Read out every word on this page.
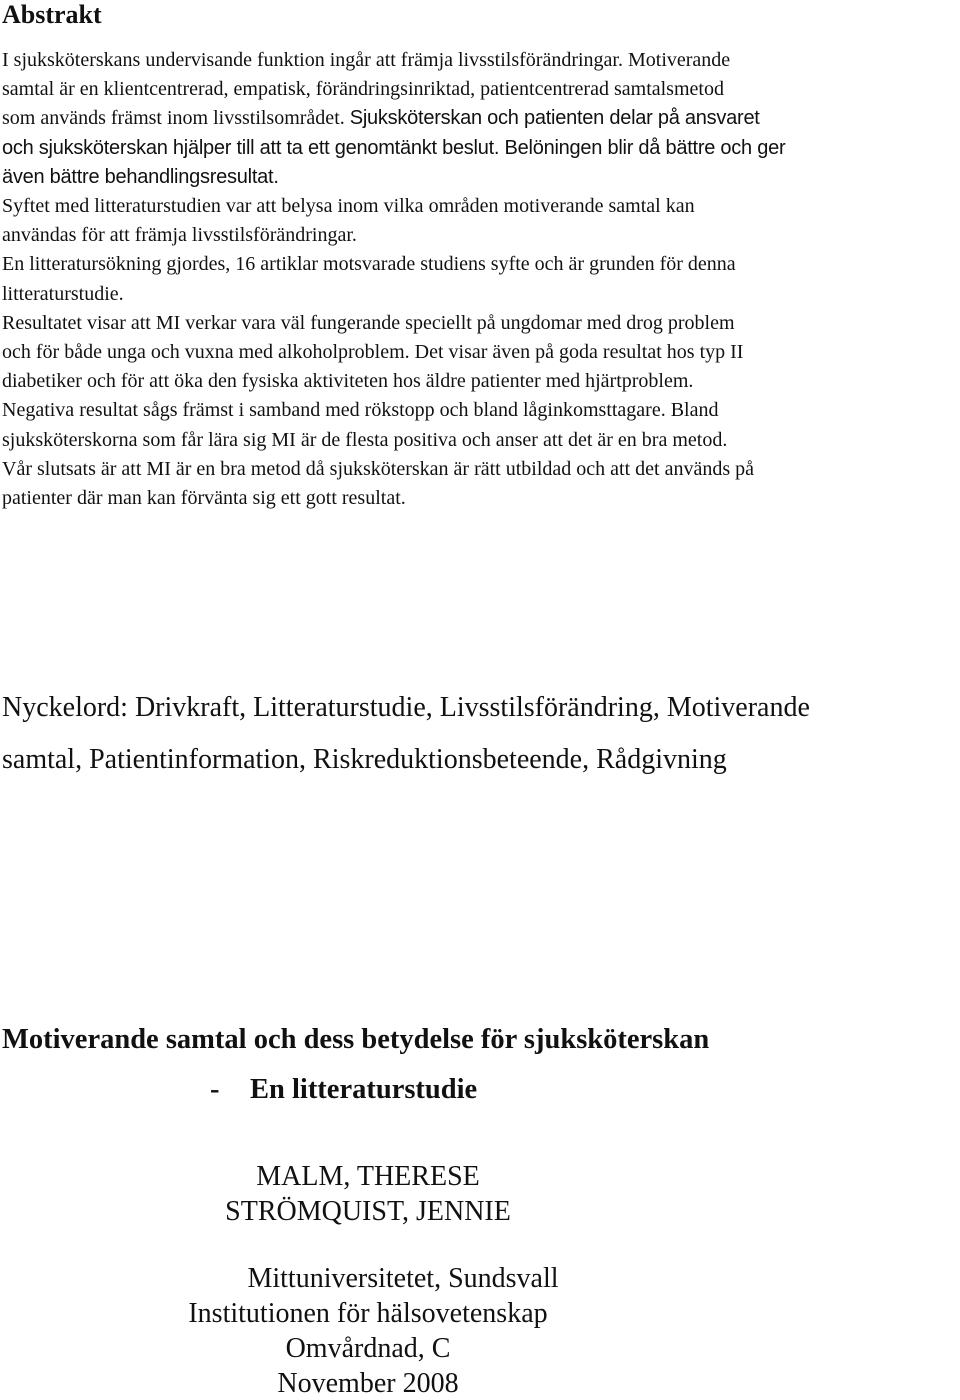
Abstrakt
I sjuksköterskans undervisande funktion ingår att främja livsstilsförändringar. Motiverande
samtal är en klientcentrerad, empatisk, förändringsinriktad, patientcentrerad samtalsmetod
som används främst inom livsstilsområdet. Sjuksköterskan och patienten delar på ansvaret
och sjuksköterskan hjälper till att ta ett genomtänkt beslut. Belöningen blir då bättre och ger
även bättre behandlingsresultat.
Syftet med litteraturstudien var att belysa inom vilka områden motiverande samtal kan
användas för att främja livsstilsförändringar.
En litteratursökning gjordes, 16 artiklar motsvarade studiens syfte och är grunden för denna
litteraturstudie.
Resultatet visar att MI verkar vara väl fungerande speciellt på ungdomar med drog problem
och för både unga och vuxna med alkoholproblem. Det visar även på goda resultat hos typ II
diabetiker och för att öka den fysiska aktiviteten hos äldre patienter med hjärtproblem.
Negativa resultat sågs främst i samband med rökstopp och bland låginkomsttagare. Bland
sjuksköterskorna som får lära sig MI är de flesta positiva och anser att det är en bra metod.
Vår slutsats är att MI är en bra metod då sjuksköterskan är rätt utbildad och att det används på
patienter där man kan förvänta sig ett gott resultat.
Nyckelord: Drivkraft, Litteraturstudie, Livsstilsförändring, Motiverande
samtal, Patientinformation, Riskreduktionsbeteende, Rådgivning
Motiverande samtal och dess betydelse för sjuksköterskan
- En litteraturstudie
MALM, THERESE
STRÖMQUIST, JENNIE
Mittuniversitetet, Sundsvall
Institutionen för hälsovetenskap
Omvårdnad, C
November 2008
